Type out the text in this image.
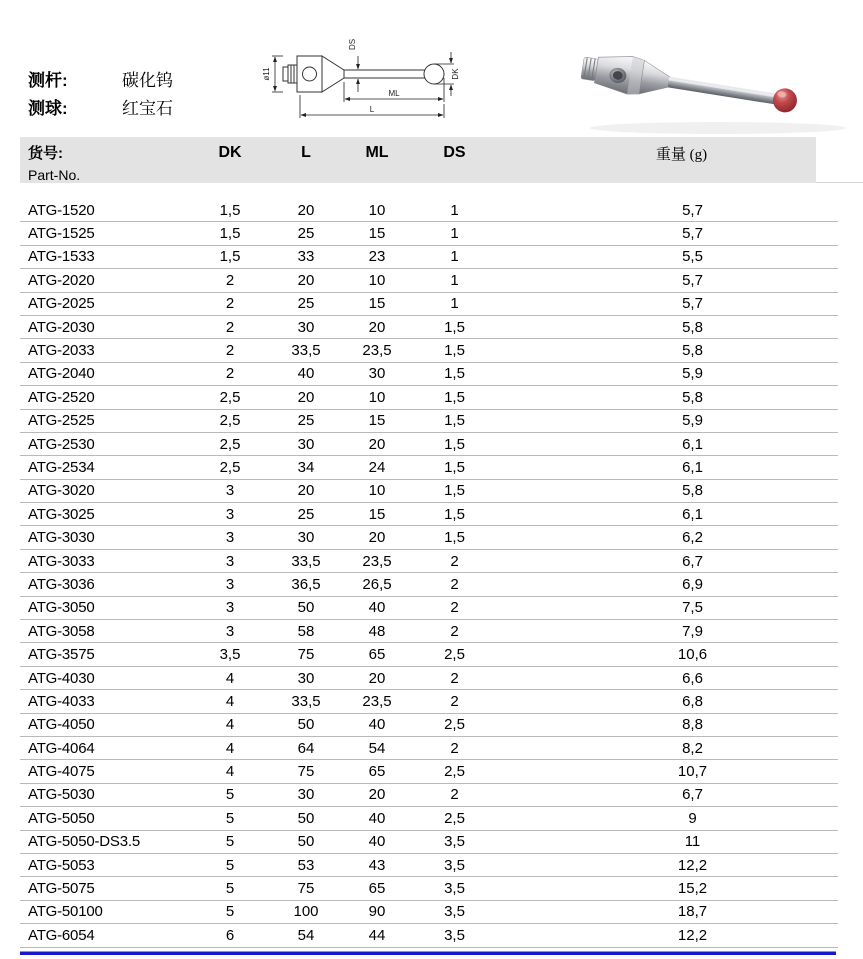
测杆:	碳化钨
测球:	红宝石
ø11
DS
DK
ML
L
货号:
Part-No.
DK	L	ML	DS	重量 (g)
ATG-1520	1,5	20	10	1	5,7
ATG-1525	1,5	25	15	1	5,7
ATG-1533	1,5	33	23	1	5,5
ATG-2020	2	20	10	1	5,7
ATG-2025	2	25	15	1	5,7
ATG-2030	2	30	20	1,5	5,8
ATG-2033	2	33,5	23,5	1,5	5,8
ATG-2040	2	40	30	1,5	5,9
ATG-2520	2,5	20	10	1,5	5,8
ATG-2525	2,5	25	15	1,5	5,9
ATG-2530	2,5	30	20	1,5	6,1
ATG-2534	2,5	34	24	1,5	6,1
ATG-3020	3	20	10	1,5	5,8
ATG-3025	3	25	15	1,5	6,1
ATG-3030	3	30	20	1,5	6,2
ATG-3033	3	33,5	23,5	2	6,7
ATG-3036	3	36,5	26,5	2	6,9
ATG-3050	3	50	40	2	7,5
ATG-3058	3	58	48	2	7,9
ATG-3575	3,5	75	65	2,5	10,6
ATG-4030	4	30	20	2	6,6
ATG-4033	4	33,5	23,5	2	6,8
ATG-4050	4	50	40	2,5	8,8
ATG-4064	4	64	54	2	8,2
ATG-4075	4	75	65	2,5	10,7
ATG-5030	5	30	20	2	6,7
ATG-5050	5	50	40	2,5	9
ATG-5050-DS3.5	5	50	40	3,5	11
ATG-5053	5	53	43	3,5	12,2
ATG-5075	5	75	65	3,5	15,2
ATG-50100	5	100	90	3,5	18,7
ATG-6054	6	54	44	3,5	12,2
